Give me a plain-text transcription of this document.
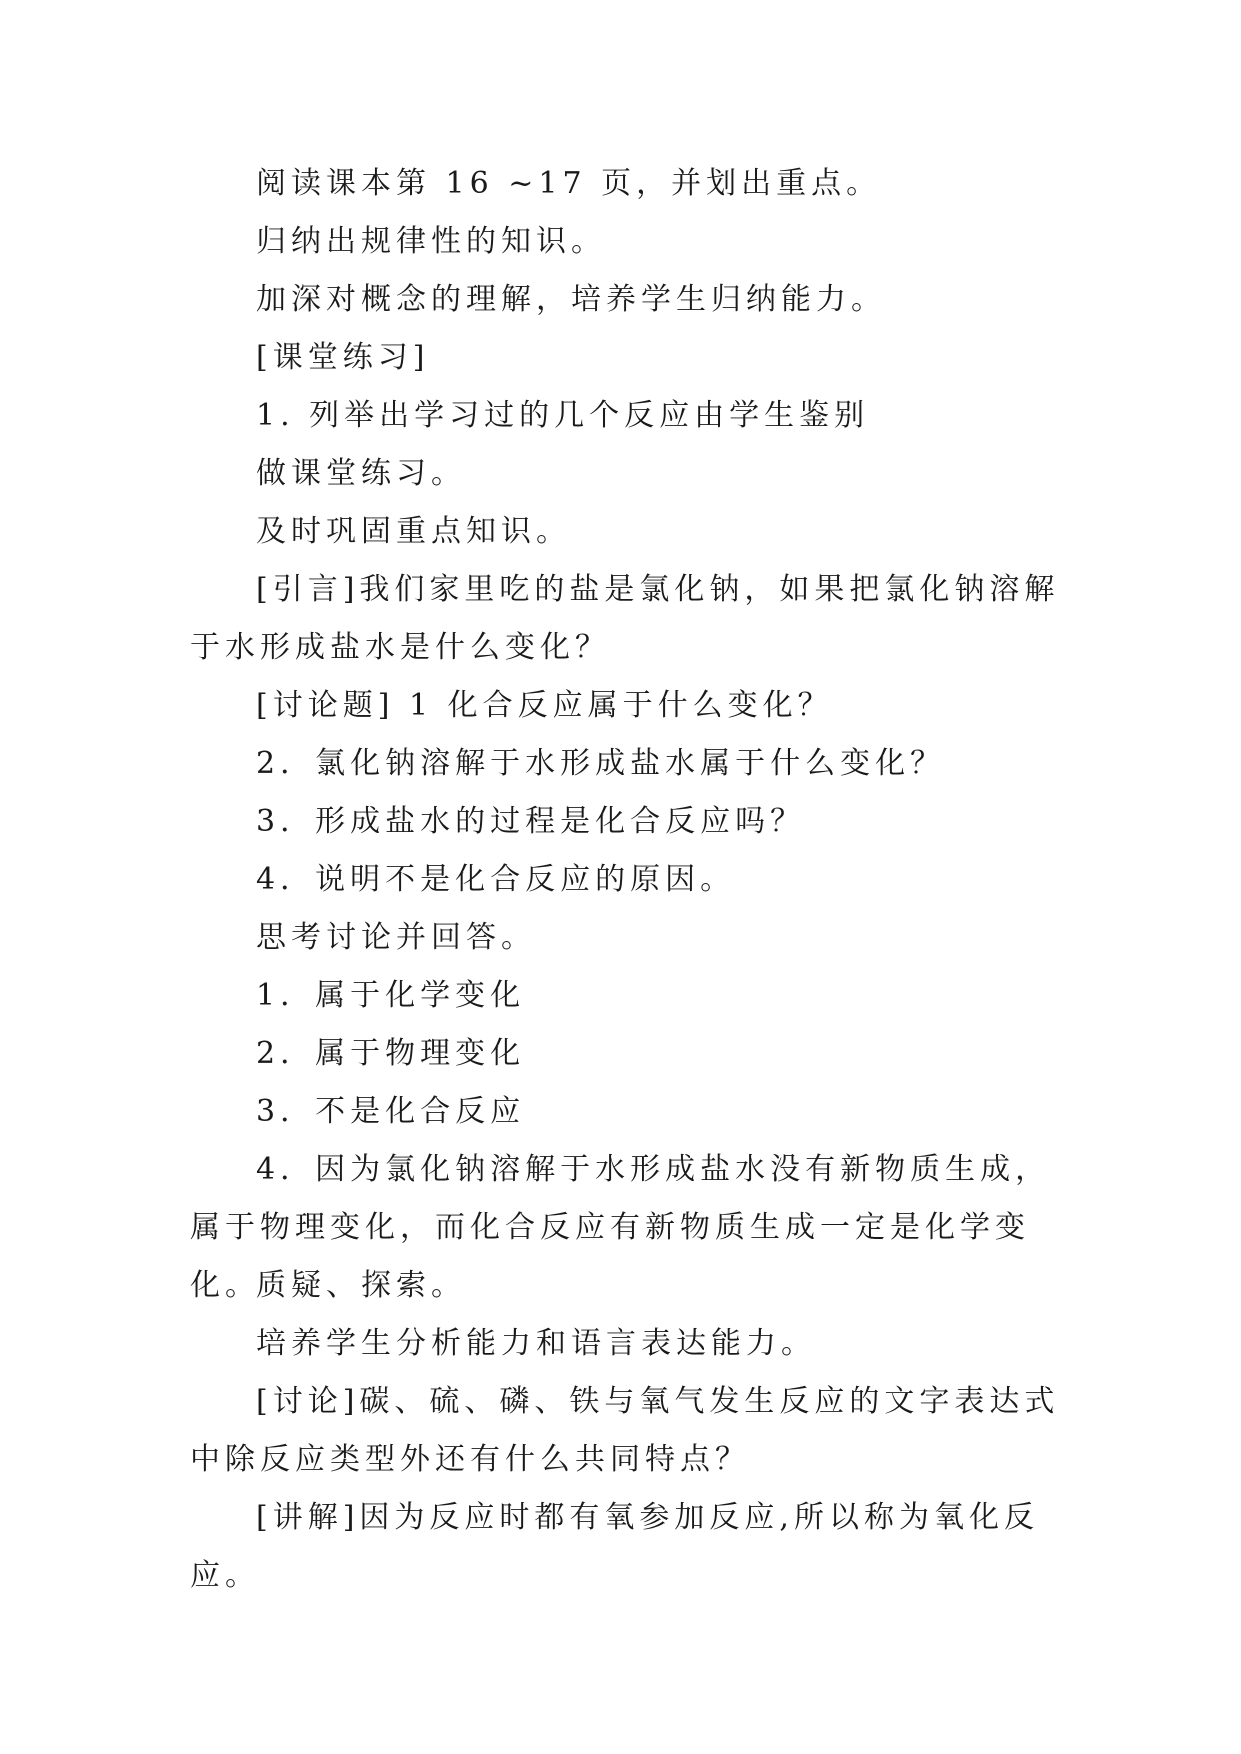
阅读课本第 16 ~17 页，并划出重点。

归纳出规律性的知识。

加深对概念的理解，培养学生归纳能力。

[课堂练习]

1. 列举出学习过的几个反应由学生鉴别

做课堂练习。

及时巩固重点知识。

[引言]我们家里吃的盐是氯化钠，如果把氯化钠溶解于水形成盐水是什么变化？

[讨论题] 1 化合反应属于什么变化？

2．氯化钠溶解于水形成盐水属于什么变化？

3．形成盐水的过程是化合反应吗？

4．说明不是化合反应的原因。

思考讨论并回答。

1．属于化学变化

2．属于物理变化

3．不是化合反应

4．因为氯化钠溶解于水形成盐水没有新物质生成，属于物理变化，而化合反应有新物质生成一定是化学变化。

质疑、探索。

培养学生分析能力和语言表达能力。

[讨论]碳、硫、磷、铁与氧气发生反应的文字表达式中除反应类型外还有什么共同特点？

[讲解]因为反应时都有氧参加反应,所以称为氧化反应。
